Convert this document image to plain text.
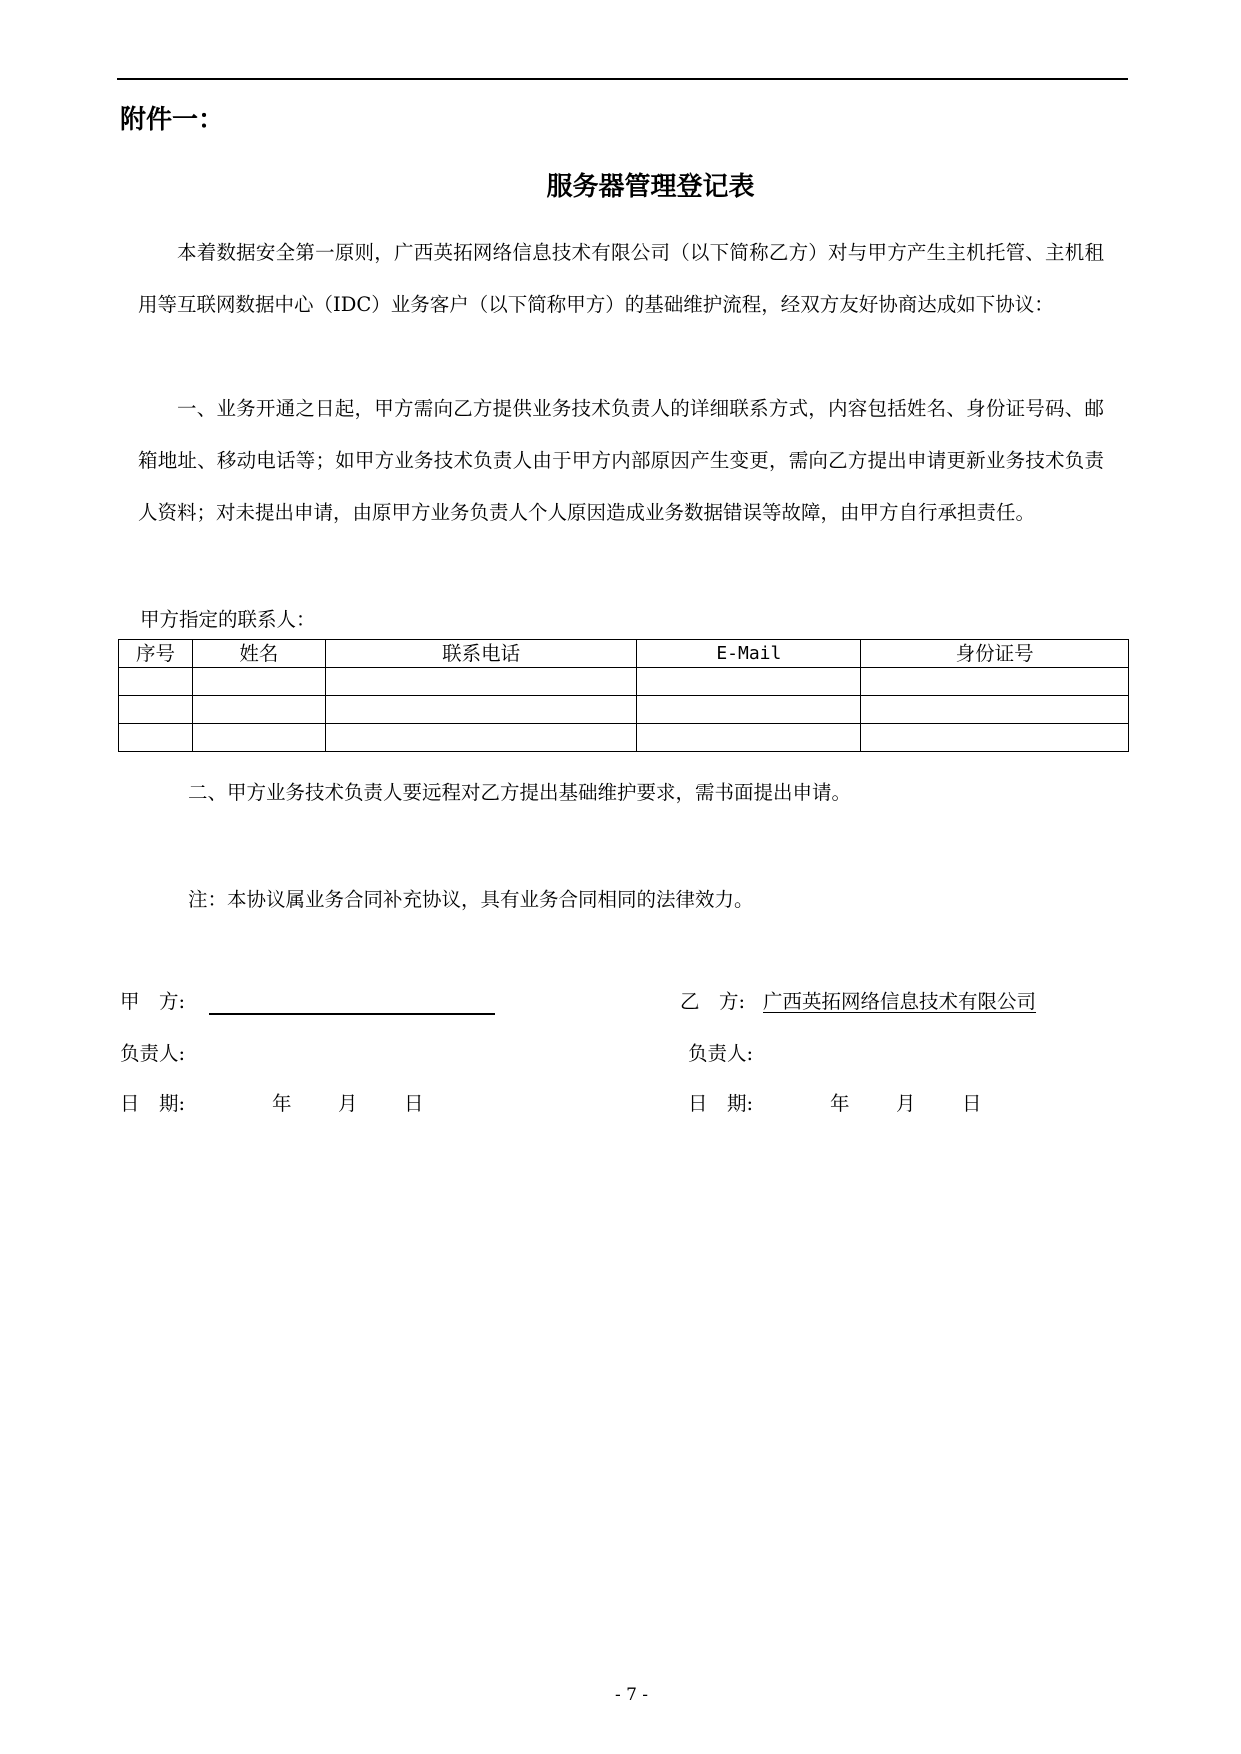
附件一：
服务器管理登记表
本着数据安全第一原则，广西英拓网络信息技术有限公司（以下简称乙方）对与甲方产生主机托管、主机租用等互联网数据中心（IDC）业务客户（以下简称甲方）的基础维护流程，经双方友好协商达成如下协议：
一、业务开通之日起，甲方需向乙方提供业务技术负责人的详细联系方式，内容包括姓名、身份证号码、邮箱地址、移动电话等；如甲方业务技术负责人由于甲方内部原因产生变更，需向乙方提出申请更新业务技术负责人资料；对未提出申请，由原甲方业务负责人个人原因造成业务数据错误等故障，由甲方自行承担责任。
甲方指定的联系人：
序号	姓名	联系电话	E-Mail	身份证号

二、甲方业务技术负责人要远程对乙方提出基础维护要求，需书面提出申请。
注：本协议属业务合同补充协议，具有业务合同相同的法律效力。
甲　方:
负责人:
日　期:	年 月 日
乙　方: 广西英拓网络信息技术有限公司
负责人:
日　期:	年 月 日
- 7 -
